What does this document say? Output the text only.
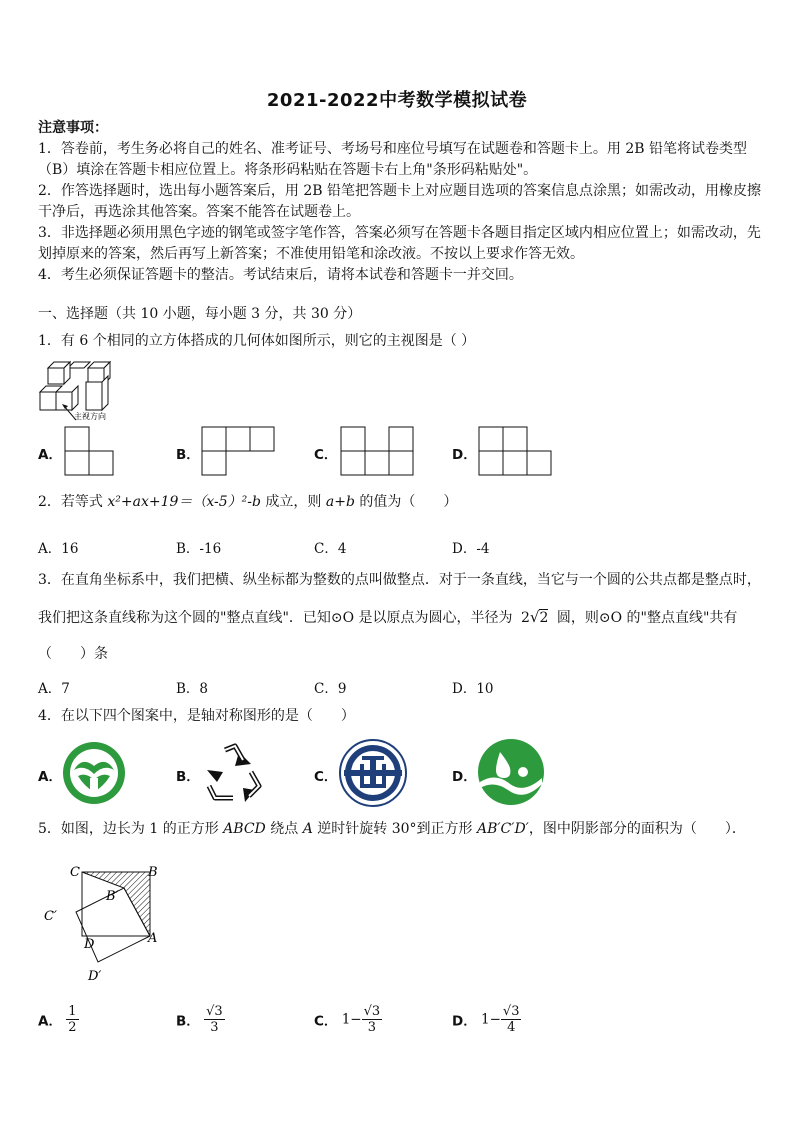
2021-2022中考数学模拟试卷
注意事项：
1．答卷前，考生务必将自己的姓名、准考证号、考场号和座位号填写在试题卷和答题卡上。用 2B 铅笔将试卷类型
（B）填涂在答题卡相应位置上。将条形码粘贴在答题卡右上角"条形码粘贴处"。
2．作答选择题时，选出每小题答案后，用 2B 铅笔把答题卡上对应题目选项的答案信息点涂黑；如需改动，用橡皮擦
干净后，再选涂其他答案。答案不能答在试题卷上。
3．非选择题必须用黑色字迹的钢笔或签字笔作答，答案必须写在答题卡各题目指定区域内相应位置上；如需改动，先
划掉原来的答案，然后再写上新答案；不准使用铅笔和涂改液。不按以上要求作答无效。
4．考生必须保证答题卡的整洁。考试结束后，请将本试卷和答题卡一并交回。
一、选择题（共 10 小题，每小题 3 分，共 30 分）
1．有 6 个相同的立方体搭成的几何体如图所示，则它的主视图是（ ）
主视方向
A．	B．	C．	D．
2．若等式 x²+ax+19＝（x-5）²-b 成立，则 a+b 的值为（　　）
A．16	B．-16	C．4	D．-4
3．在直角坐标系中，我们把横、纵坐标都为整数的点叫做整点．对于一条直线，当它与一个圆的公共点都是整点时，
我们把这条直线称为这个圆的"整点直线"．已知⊙O 是以原点为圆心，半径为 2√2 圆，则⊙O 的"整点直线"共有
（　　）条
A．7	B．8	C．9	D．10
4．在以下四个图案中，是轴对称图形的是（　　）
A．	B．	C．	D．
5．如图，边长为 1 的正方形 ABCD 绕点 A 逆时针旋转 30°到正方形 AB′C′D′，图中阴影部分的面积为（　　）．
C	B
B′
C′
D	A
D′
A． $\frac{1}{2}$	B． $\frac{√3}{3}$	C． $1- \frac{√3}{3}$	D． $1- \frac{√3}{4}$
